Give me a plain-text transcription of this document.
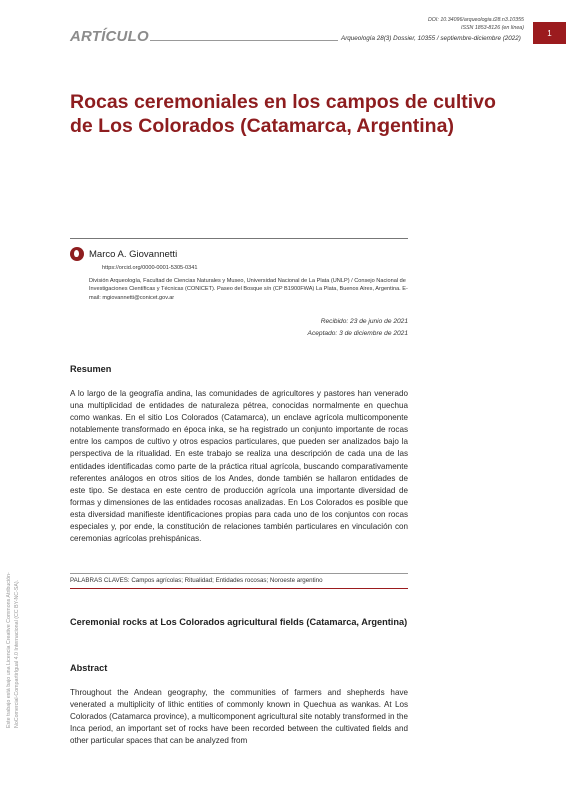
DOI: 10.34096/arqueologia.t28.n3.10355
ISSN 1853-8126 (en línea)
ARTÍCULO	Arqueología 28(3) Dossier, 10355 / septiembre-diciembre (2022)
1
Rocas ceremoniales en los campos de cultivo de Los Colorados (Catamarca, Argentina)
Marco A. Giovannetti
https://orcid.org/0000-0001-5305-0341
División Arqueología, Facultad de Ciencias Naturales y Museo, Universidad Nacional de La Plata (UNLP) / Consejo Nacional de Investigaciones Científicas y Técnicas (CONICET). Paseo del Bosque s/n (CP B1900FWA) La Plata, Buenos Aires, Argentina. E-mail: mgiovannetti@conicet.gov.ar
Recibido: 23 de junio de 2021
Aceptado: 3 de diciembre de 2021
Resumen
A lo largo de la geografía andina, las comunidades de agricultores y pastores han venerado una multiplicidad de entidades de naturaleza pétrea, conocidas normalmente en quechua como wankas. En el sitio Los Colorados (Catamarca), un enclave agrícola multicomponente notablemente transformado en época inka, se ha registrado un conjunto importante de rocas entre los campos de cultivo y otros espacios particulares, que pueden ser analizados bajo la perspectiva de la ritualidad. En este trabajo se realiza una descripción de cada una de las entidades identificadas como parte de la práctica ritual agrícola, buscando comparativamente referentes análogos en otros sitios de los Andes, donde también se hallaron entidades de este tipo. Se destaca en este centro de producción agrícola una importante diversidad de formas y dimensiones de las entidades rocosas analizadas. En Los Colorados es posible que esta diversidad manifieste identificaciones propias para cada uno de los conjuntos con rocas especiales y, por ende, la constitución de relaciones también particulares en vinculación con ceremonias agrícolas prehispánicas.
PALABRAS CLAVES: Campos agrícolas; Ritualidad; Entidades rocosas; Noroeste argentino
Ceremonial rocks at Los Colorados agricultural fields (Catamarca, Argentina)
Abstract
Throughout the Andean geography, the communities of farmers and shepherds have venerated a multiplicity of lithic entities of commonly known in Quechua as wankas. At Los Colorados (Catamarca province), a multicomponent agricultural site notably transformed in the Inca period, an important set of rocks have been recorded between the cultivated fields and other particular spaces that can be analyzed from
Este trabajo está bajo una Licencia Creative Commons Atribución-NoComercial-CompartirIgual 4.0 Internacional (CC BY-NC-SA).
